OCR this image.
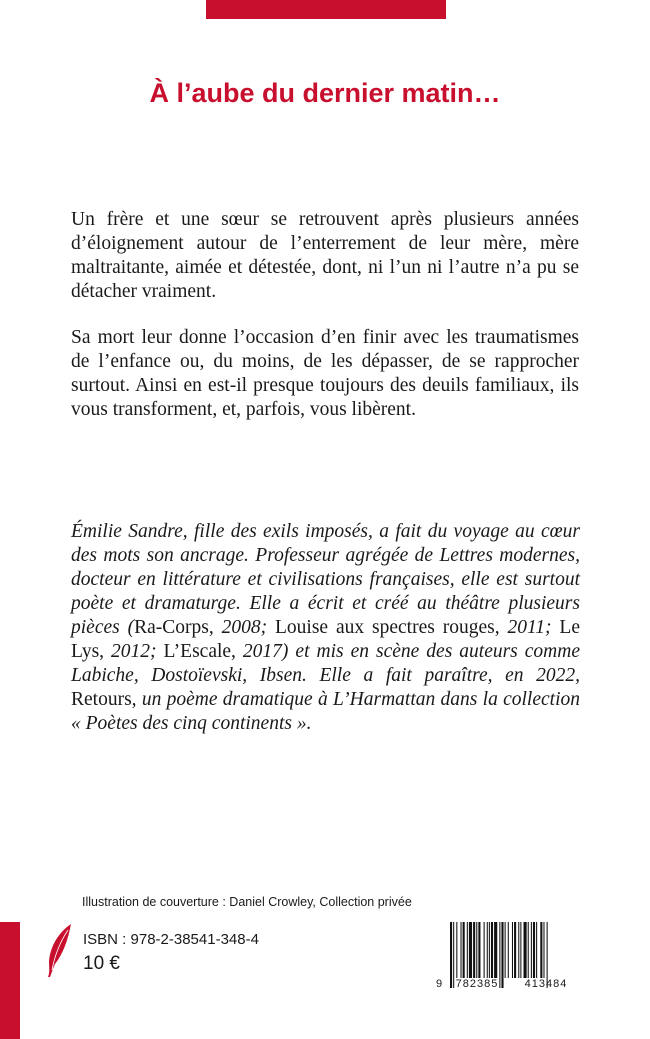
À l’aube du dernier matin…

Un frère et une sœur se retrouvent après plusieurs années d’éloignement autour de l’enterrement de leur mère, mère maltraitante, aimée et détestée, dont, ni l’un ni l’autre n’a pu se détacher vraiment.

Sa mort leur donne l’occasion d’en finir avec les traumatismes de l’enfance ou, du moins, de les dépasser, de se rapprocher surtout. Ainsi en est-il presque toujours des deuils familiaux, ils vous transforment, et, parfois, vous libèrent.

Émilie Sandre, fille des exils imposés, a fait du voyage au cœur des mots son ancrage. Professeur agrégée de Lettres modernes, docteur en littérature et civilisations françaises, elle est surtout poète et dramaturge. Elle a écrit et créé au théâtre plusieurs pièces (Ra-Corps, 2008; Louise aux spectres rouges, 2011; Le Lys, 2012; L’Escale, 2017) et mis en scène des auteurs comme Labiche, Dostoïevski, Ibsen. Elle a fait paraître, en 2022, Retours, un poème dramatique à L’Harmattan dans la collection « Poètes des cinq continents ».

Illustration de couverture : Daniel Crowley, Collection privée
ISBN : 978-2-38541-348-4
10 €
9	782385	413484
